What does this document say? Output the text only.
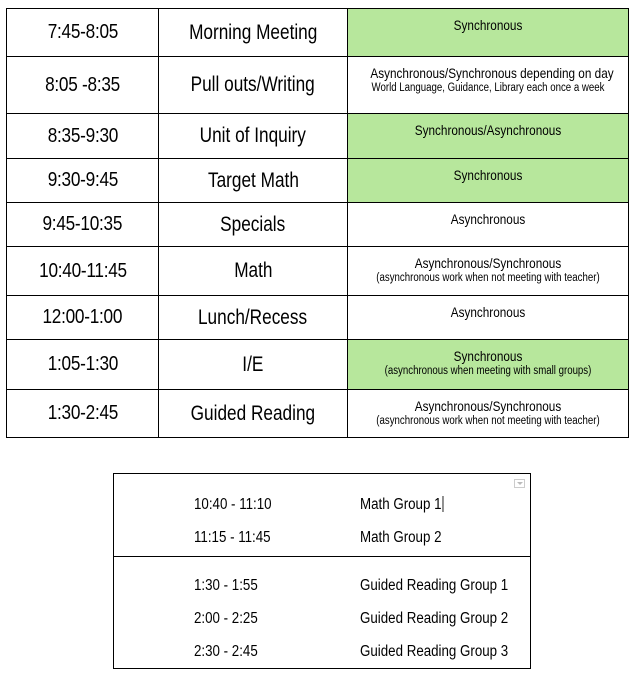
7:45-8:05	Morning Meeting	Synchronous

8:05 -8:35	Pull outs/Writing	Asynchronous/Synchronous depending on day
World Language, Guidance, Library each once a week

8:35-9:30	Unit of Inquiry	Synchronous/Asynchronous

9:30-9:45	Target Math	Synchronous

9:45-10:35	Specials	Asynchronous

10:40-11:45	Math	Asynchronous/Synchronous
(asynchronous work when not meeting with teacher)

12:00-1:00	Lunch/Recess	Asynchronous

1:05-1:30	I/E	Synchronous
(asynchronous when meeting with small groups)

1:30-2:45	Guided Reading	Asynchronous/Synchronous
(asynchronous work when not meeting with teacher)
10:40 - 11:10	Math Group 1
11:15 - 11:45	Math Group 2
1:30 - 1:55	Guided Reading Group 1
2:00 - 2:25	Guided Reading Group 2
2:30 - 2:45	Guided Reading Group 3
